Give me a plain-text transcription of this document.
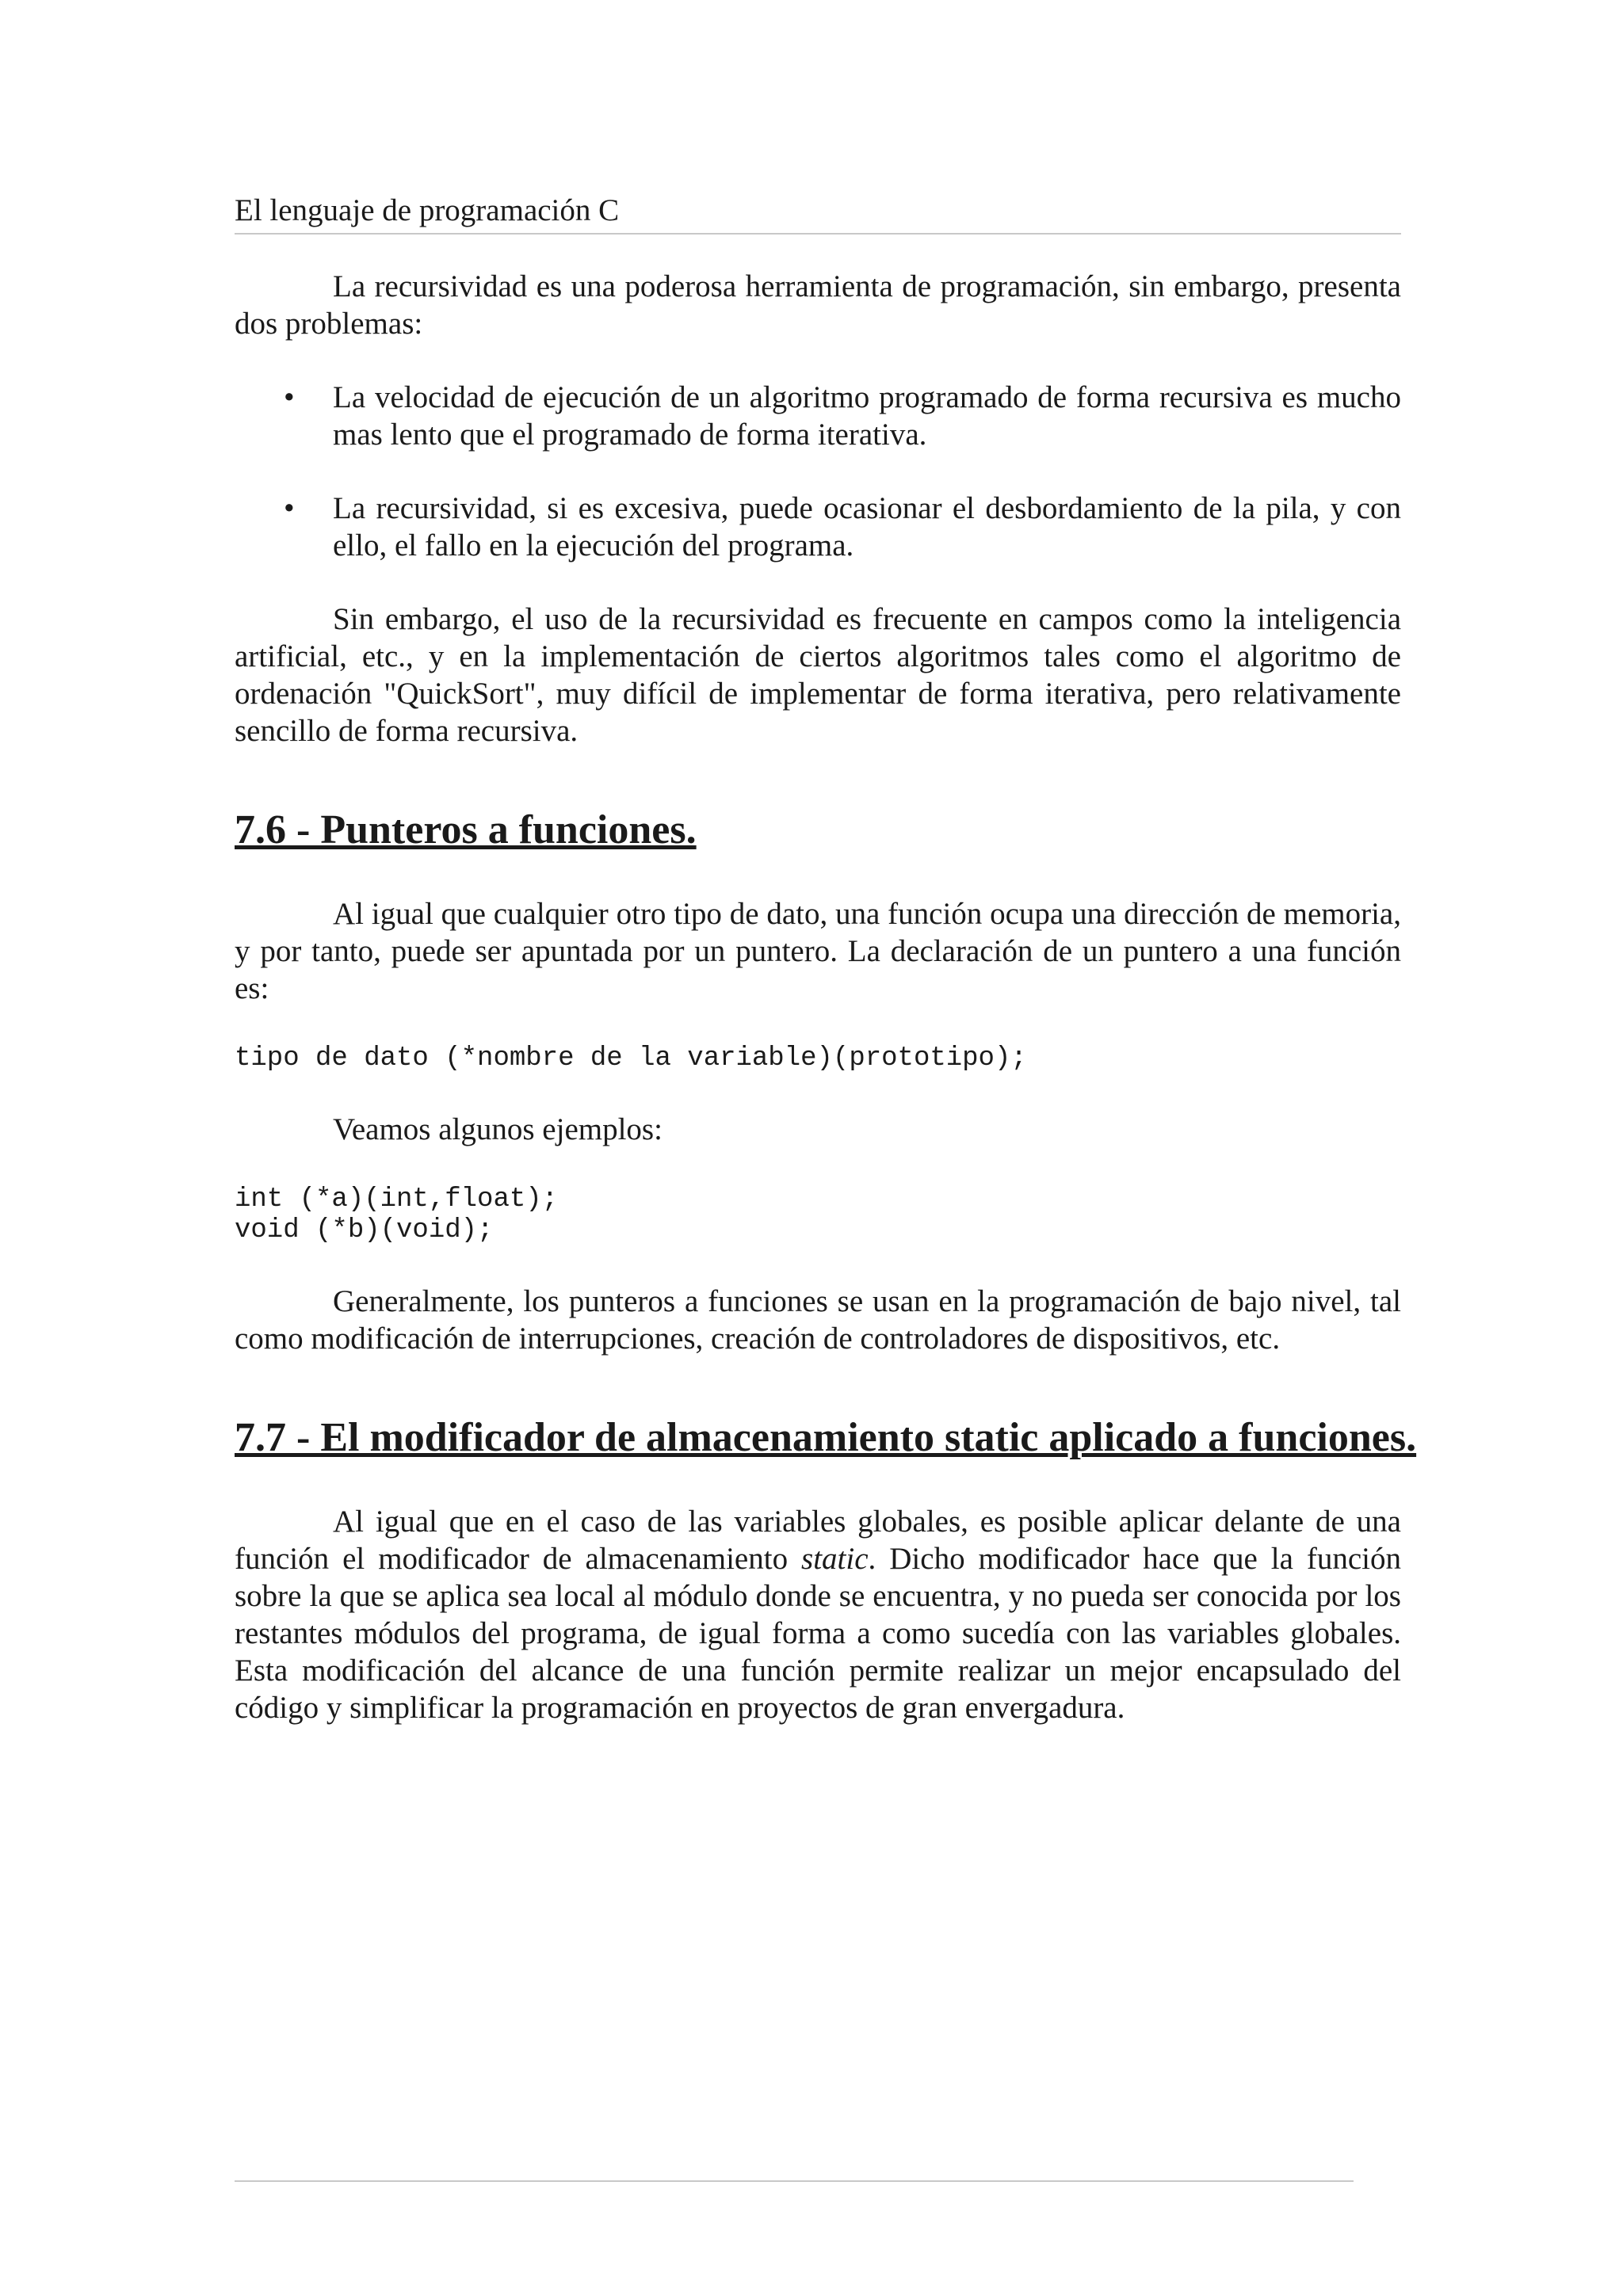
El lenguaje de programación C

La recursividad es una poderosa herramienta de programación, sin embargo, presenta dos problemas:

• La velocidad de ejecución de un algoritmo programado de forma recursiva es mucho mas lento que el programado de forma iterativa.
• La recursividad, si es excesiva, puede ocasionar el desbordamiento de la pila, y con ello, el fallo en la ejecución del programa.

Sin embargo, el uso de la recursividad es frecuente en campos como la inteligencia artificial, etc., y en la implementación de ciertos algoritmos tales como el algoritmo de ordenación "QuickSort", muy difícil de implementar de forma iterativa, pero relativamente sencillo de forma recursiva.

7.6 - Punteros a funciones.

Al igual que cualquier otro tipo de dato, una función ocupa una dirección de memoria, y por tanto, puede ser apuntada por un puntero. La declaración de un puntero a una función es:

tipo de dato (*nombre de la variable)(prototipo);

Veamos algunos ejemplos:

int (*a)(int,float);
void (*b)(void);

Generalmente, los punteros a funciones se usan en la programación de bajo nivel, tal como modificación de interrupciones, creación de controladores de dispositivos, etc.

7.7 - El modificador de almacenamiento static aplicado a funciones.

Al igual que en el caso de las variables globales, es posible aplicar delante de una función el modificador de almacenamiento static. Dicho modificador hace que la función sobre la que se aplica sea local al módulo donde se encuentra, y no pueda ser conocida por los restantes módulos del programa, de igual forma a como sucedía con las variables globales. Esta modificación del alcance de una función permite realizar un mejor encapsulado del código y simplificar la programación en proyectos de gran envergadura.
